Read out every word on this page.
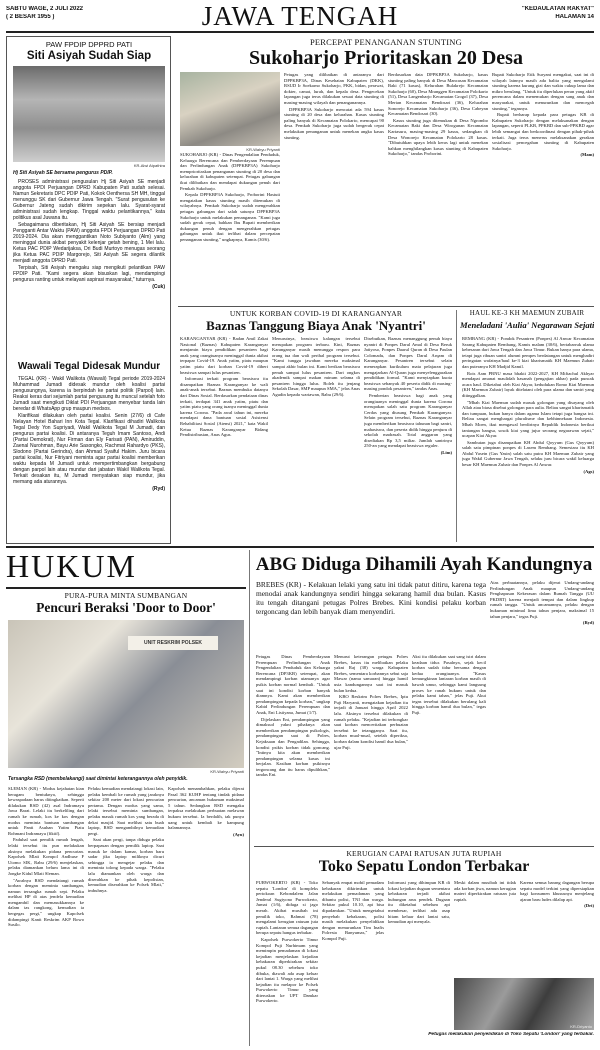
SABTU WAGE, 2 JULI 2022
( 2 BESAR 1955 )	JAWA TENGAH	"KEDAULATAN RAKYAT"
HALAMAN 14
PAW FPDIP DPPRD PATI
Siti Asiyah Sudah Siap
KR-Alwi Atpathira
Hj Siti Asiyah SE bersama pengurus PDIP.

PROSES administrasi pengusulan Hj Siti Asiyah SE menjadi anggota FPDI Perjuangan DPRD Kabupaten Pati sudah selesai. Namun Sekretaris DPC PDIP Pati, Kokok Oenthersa SH MH, tinggal menunggu SK dari Gubernur Jawa Tengah. "Surat pengusulan ke Gubernur Jateng sudah dikirim sepekan lalu. Syarat-syarat administrasi sudah lengkap. Tinggal waktu pelantikannya," kata politikus asal Juwana itu.

Sebagaimana diberitakan, Hj Siti Asiyah SE bersiap menjadi Pengganti Antar Waktu (PAW) anggota FPDI Perjuangan DPRD Pati 2019-2024. Dia akan menggantikan Noto Subiyanto (Alm) yang meninggal dunia akibat penyakit kelenjar getah bening, 1 Mei lalu. Ketua PAC PDIP Wedarijaksa, Dri Budi Murtoyo menugas seorang jika Ketua PAC PDIP Margorejo, Siti Asiyah SE segera dilantik menjadi anggota DPRD Pati.

Terpisah, Siti Asiyah mengaku siap mengikuti pelantikan PAW FPDIP Pati. "Kami segera akan bisuskan lagi, mendampingi pengurus ranting untuk melayani aspirasi masyarakat," tuturnya.

(Cuk)
Wawali Tegal Didesak Mundur

TEGAL (KR) - Wakil Walikota (Wawali) Tegal periode 2019-2024 Muhammad Jumadi didesak mundur oleh koalisi partai pengusungnya, karena ia berpindah ke partai politik (Parpol) lain. Reaksi keras dari sejumlah partai pengusung itu muncul setelah foto Jumadi saat mengikuti Diklat PDI Perjuangan menyebar tanda lain beredar di WhatsApp grup maupun medsos.

Klarifikasi dilakukan oleh partai koalisi. Senin (27/6) di Cafe Nelayan Hotel Bahari Inn Kota Tegal. Klarifikasi dihadiri Walikota Tegal Dedy Yon Supriyadi, Wakil Walikota Tegal M Jumadi, dan pengurus partai koalisi. Di antaranya Teguh Imam Santoso, Andi (Partai Demokrat), Nur Firman dan Ely Farisati (PAN), Amiruddin, Zaenal Nurohman, Bayu Arie Sasongko, Rachmat Rahardyo (PKS), Slodono (Partai Gerindra), dan Ahmad Syaiful Hakim. Juru bicara partai koalisi, Nur Fitriyani meminta agar partai koalisi memberikan waktu kepada M Jumadi untuk mempertimbangkan bergabung dengan parpol lain atau mundur dari jabatan Wakil Walikota Tegal. Terkait desakan itu, M Jumadi menyatakan siap mundur, jika memang ada aturannya.

(Ryd)
PERCEPAT PENANGANAN STUNTING
Sukoharjo Prioritaskan 20 Desa
KR-Wahyu Priyanti

SUKOHARJO (KR) - Dinas Pengendalian Penduduk, Keluarga Berencana dan Pemberdayaan Perempuan dan Perlindungan Anak (DPPKBP3A) Sukoharjo memprioritaskan penanganan stunting di 20 desa dan kelurahan di kabupaten setempat. Petugas gabungan ikut dilibatkan dan mendapat dukungan penuh dari Pemkab Sukoharjo.

Kepala DPPKBP3A Sukoharjo, Proborini Hastuti mengatakan kasus stunting masih ditemukan di wilayahnya. Pemkab Sukoharjo sudah mengerahkan petugas gabungan dari salah satunya DPPKBP3A Sukoharjo untuk melakukan penanganan. "Kami juga sudah gerak cepat, bahkan Ibu Bupati memberikan dukungan penuh dengan mengerahkan petugas gabungan untuk ikut terlibat dalam percepatan penanganan stunting," ungkapnya, Kamis (30/6).

Petugas yang dilibatkan di antaranya dari DPPKBP3A, Dinas Kesehatan Kabupaten (DKK), RSUD Ir Soekarno Sukoharjo, PKK, bidan, perawat, dokter, camat, lurah, dan kepala desa. Pengecekan lapangan juga terus dilakukan sesuai data stunting di masing-masing wilayah dan penanganannya.

DPPKBP3A Sukoharjo mencatat ada 594 kasus stunting di 20 desa dan kelurahan. Kasus stunting paling banyak di Kecamatan Polokarto, mencapai 90 desa. Pemkab Sukoharjo juga sudah bergerak cepat melakukan penanganan untuk menekan angka kasus stunting.

Berdasarkan data DPPKBP3A Sukoharjo, kasus stunting paling banyak di Desa Mancasan Kecamatan Baki (71 kasus), Kelurahan Bulakrejo Kecamatan Sukoharjo (60), Desa Mranggen Kecamatan Polokarto (51), Desa Langenharjo Kecamatan Grogol (37), Desa Mertan Kecamatan Bendosari (36), Kelurahan Sonorejo Kecamatan Sukoharjo (36), Desa Cabeyan Kecamatan Bendosari (30).

Kasus stunting juga ditemukan di Desa Ngrombo Kecamatan Baki dan Desa Wirogunan Kecamatan Kartasura, masing-masing 29 kasus, sedangkan di Desa Wonorejo Kecamatan Polokarto 28 kasus. "Dibutuhkan upaya lebih keras lagi untuk menekan bahkan menghilangkan kasus stunting di Kabupaten Sukoharjo," tandas Proborini.

Bupati Sukoharjo Etik Suryani mengakui, saat ini di wilayah lainnya masih ada balita yang mengalami stunting karena kurang gizi dan waktu cukup lama dan mikro berulang. "Untuk itu diperlukan peran yang aktif perencana dalam menemukan dengan sang anak dan masyarakat, untuk menurunkan dan mencegah stunting," tegasnya.

Bupati berharap kepada para petugas KB di Kabupaten Sukoharjo dengan melaksanakan dengan lapangan, seperti PLKB, PPKBD dan sub-PPKBD agar lebih semangat dan berkoordinasi dengan pihak-pihak terkait. Juga terus menerus melaksanakan gerakan sosialisasi pencegahan stunting di Kabupaten Sukoharjo.

(Mam)
UNTUK KORBAN COVID-19 DI KARANGANYAR
Baznas Tanggung Biaya Anak 'Nyantri'

KARANGANYAR (KR) - Badan Amil Zakat Nasional (Baznas) Kabupaten Karanganyar menjamin biaya pendidikan pesantren bagi anak yang orangtuanya meninggal dunia akibat terpapar Covid-19. Anak yatim, piatu maupun yatim piatu dari korban Covid-19 diberi beasiswa sampai lulus pesantren.

Informasi terkait program beasiswa itu disampaikan Baznas Karanganyar ke wali anak-anak tersebut. Baznas membuka datanya dari Dinas Sosial. Berdasarkan pendataan dinas terkait, terdapat 341 anak yatim, piatu dan yatim piatu yang orang tuanya meninggal dunia karena Corona. "Pada awal tahun ini, mereka mendapat dana bantuan sosial Asistensi Rehabilitasi Sosial (Atensi) 2021," kata Wakil Ketua Baznas Karanganyar Bidang Pendistribusian, Anas Agus.

Menurutnya, beasiswa kalangan tersebut merupakan program terbaru. Kini, Baznas Karanganyar masih menunggu respon para orang tua dan wali perihal program tersebut. "Kami tunggu jawaban mereka maksimal sampai akhir bulan ini. Kami berikan beasiswa penuh sampai lulus pesantren. Dari ongkos akademik sampai makan minum selama di pesantren hingga lulus. Boleh itu jenjang Sekolah Dasar, SMP maupun SMA," jelas Anas Agudin kepada wartawan, Rabu (29/6).

Disebutkan, Baznas menanggung penuh biaya nyantri di Ponpes Darul Amal di Desa Beruk Jatiyoso, Ponpes Daarul Quran di Desa Paulan Colomadu, dan Ponpes Darul Arqam di Karanganyar. Pesantren tersebut selain menerapkan kurikulum mata pelajaran juga mengajarkan Al-Quran juga menyelenggarakan pendidikan formal. "Kami menyiapkan kuota beasiswa sebanyak 40 peserta didik di masing-masing pondok pesantren," tandas Anas.

Pemberian beasiswa bagi anak yang orangtuanya meninggal dunia karena Corona merupakan salah satu program Karanganyar Cerdas yang diusung Pemkab Karanganyar. Selain program tersebut, Baznas Karanganyar juga memberikan beasiswa tahunan bagi santri, mahasiswa, dan peserta didik hingga penjuru di sekolah madrasah. Total anggaran yang disediakan Rp 3,5 miliar. Jumlah santrinya 250-an yang mendapat beasiswa reguler.

(Lim)
HAUL KE-3 KH MAEMUN ZUBAIR
Meneladani 'Aulia' Negarawan Sejati

REMBANG (KR) - Pondok Pesantren (Ponpes) Al Anwar Kecamatan Sarang Kabupaten Rembang, Kamis malam (30/6), bertabarruk ulama kebesaran dari Jawa Tengah dan Jawa Timur. Bukan hanya para ulama, tetapi juga ribuan santri alumni pempes berdatangan untuk menghadiri peringatan wafatnya/haul ke-3 kiai kharismatik KH Maemun Zubair dan puteranya KH Madjid Kamil.

Rois Aam PBNU masa bhakti 2022-2027, KH Miftachul Akhyar mendapat amanat maulidah hasanah (pengajian akbar) pada puncak acara haul. Diketahui oleh Kiai Akyar, kedudukan Romo Kiai Maemun (KH Maemun Zubair) layak ditelatani oleh para ulama dan santri yang ditinggalkan.

"Mbah Kiai Maemun sudah masuk golongan yang disayang oleh Allah atau biasa disebut golongan para aulia. Beliau sangat kharismatik dan tumpuan, bukan hanya dalam agama Islam tetapi juga bangsa ini. Beliau sangat menghargai pluralisme dan kebhinnekaan Indonesia. Mbah Moen, ikut mengawal berdirinya Republik Indonesia berikut tantangan bangsa, sosok kiai yang jujur seorang negarawan sejati," ucapan Kiai Akyar.

Sambutan juga disampaikan KH Abdul Qoyyum (Gus Qoyyum) salah satu pimpinan ponpes di Lasem Rembang. Semestara itu KH Abdul Yasein (Gus Yasin) salah satu putra KH Maemun Zubair yang juga Wakil Gubernur Jawa Tengah, selaku juru bicara wakil keluarga besar KH Maemun Zubair dan Ponpes Al Anwar.

(Ags)
HUKUM
PURA-PURA MINTA SUMBANGAN
Pencuri Beraksi 'Door to Door'
UNIT RESKRIM POLSEK
KR-Wahyu Priyanti
Tersangka RSD (membelakangi) saat dimintai keterangannya oleh penyidik.

SLEMAN (KR) - Modus kejahatan kian beragam bentuknya, sehingga kewaspadaan harus ditingkatkan. Seperti dilakukan RSD (42) asal Indramayu Jawa Barat. Lelaki itu berkeliling dari rumah ke rumah, kos ke kos dengan modus meminta bantuan sumbangan untuk Panti Asuhan Yatim Piatu Rohmani Indramayu (fiktif).

Paduhal saat pemilik rumah lengah, lelaki tersebut itu pun melakukan aksinya melakukan pidana pencurian. Kapolsek Mlati Kompol Andhuse F Utomo SIK, Rabu (29/6) menjelaskan, pelaku diamankan belum lama ini di Jongke Kidul Mlati Sleman.

"Awalnya RSD mendatangi rumah korban dengan meminta sumbangan, namun tersangka rumah sepi. Pelaku melihat HP di atas jendela kemudian mengambil dan memasukkannya ke dalam tas rangkong, kemudian ia bergegas pergi," ungkap Kapolsek didampingi Kanit Reskrim AKP Bowo Susilo.

Pelaku kemudian mendatangi lokasi lain, pelaku kembali ke rumah yang jaraknya sekitar 200 meter dari lokasi pencurian pertama. Dengan modus yang sama, lelaki tersebut meminta sumbangan, pelaku masuk rumah kos yang berada di dekat masjid. Saat melihat satu buah laptop, RSD mengambilnya kemudian pergi.

Saat akan pergi, tanpa diduga pelaku berpapasan dengan pemilik laptop. Saat masuk ke dalam kamar, korban baru sadar jika laptop miliknya dicuri sehingga ia mengejar pelaku dan meminta tolong kepada warga. "Pelaku lalu diamankan oleh warga dan diserahkan ke pihak kepolisian, kemudian diserahkan ke Polsek Mlati," imbuhnya.

Kapolsek menambahkan, pelaku dijerat Pasal 362 KUHP tentang tindak pidana pencurian, ancaman hukuman maksimal 5 tahun. Sedangkan RSD mengaku terpaksa melakukan perbuatan melawan hukum tersebut. Ia berdalih, tak punya uang untuk kembali ke kampung halamannya.

(Ayu)
ABG Diduga Dihamili Ayah Kandungnya
BREBES (KR) - Kelakuan lelaki yang satu ini tidak patut ditiru, karena tega menodai anak kandungnya sendiri hingga sekarang hamil dua bulan. Kasus itu tengah ditangani petugas Polres Brebes. Kini kondisi pelaku korban tergoncang dan lebih banyak diam menyendiri.

Petugas Dinas Pemberdayaan Perempuan Perlindungan Anak Pengendalian Penduduk dan Keluarga Berencana (DP3KB) setempat, akan mendampingi korban utamanya agar psikis korban normal kembali. "Untuk saat ini kondisi korban banyak diamnya. Kami akan memberikan pendampingan kepada korban," ungkap Kabid Perlindungan Perempuan dan Anak, Eni Listiyana, Jumat (1/7).

Dijelaskan Eni, pendampingan yang dimaksud yakni pihaknya akan memberikan pendampingan psikologis, pendampingan saat di Polres, Kejaksaan dan Pengadilan. Sehingga, kondisi psikis korban tidak goncang. "Intinya kita akan memberikan pendampingan selama kasus ini berjalan. Kasihan korban psikisnya tergoncang dan itu harus dipulihkan," tandas Eni.

Menurut keterangan petugas Polres Brebes, kasus itu melibatkan pelaku yakni Raj (38) warga Kabupaten Brebes, sementara korbannya sebut saja Mawar (nama samaran) hingga hamil usia kandungannya saat ini masuk bulan kedua.

KBO Reskrim Polres Brebes, Iptu Puji Haryanti, mengatakan kejadian itu terjadi di Januari hingga April 2022 lalu. Aksinya tersebut dilakukan di rumah pelaku. "Kejadian ini terbongkar saat korban menceritakan perbuatan tersebut ke tetangganya. Saat itu, korban mual-mual, setelah diperiksa, korban dalam kondisi hamil dua bulan," ujar Puji.

Aksi itu dilakukan saat sang istri dalam keadaan tidur. Pasalnya, sejak kecil korban sudah tidur bersama dengan kedua orangtuanya. "Kasus kemungkinan lantaran korban masih di bawah umur, sehingga kami langsung proses ke ranah hukum untuk dan pelaku kami tahan," jelas Puji. Akui tegas tersebut dilakukan berulang kali hingga korban hamil dua bulan," tegas Puji.

Atas perbuatannya, pelaku dijerat Undang-undang Perlindungan Anak maupun Undang-undang Penghapusan Kekerasan dalam Rumah Tangga (UU PKDRT) karena menjadi tempat dan dalam lingkup rumah tangga. "Untuk ancamannya, pelaku dengan hukuman minimal lima tahun penjara, maksimal 15 tahun penjara," tegas Puji.

(Ryd)
KERUGIAN CAPAI RATUSAN JUTA RUPIAH
Toko Sepatu London Terbakar

PURWOKERTO (KR) - Toko sepatu 'London' di kompleks pertokoan Kebondalem Jalan Jenderal Sugiyono Purwokerto, Jumat (1/6), diduga si jago merah. Akibat musibah ini pemilik toko, Rahmat (78) mengalami kerugian ratusan juta rupiah. Lantaran semua dagangan berupa sepatu hangus terbakar.

Kapolsek Purwokerto Timur Kompol Puji Nurhimam yang memimpin pemadaman di lokasi kejadian menjelaskan kejadian kebakaran diperkirakan sekitar pukul 08.30 sebelum toko dibuka, diawali ada asap keluar dari lantai 1. Warga yang melihat kejadian itu melapor ke Polsek Purwokerto Timur yang diteruskan ke UPT Damkar Purwokerto.

Sebanyak empat mobil pemadam kebakaran dikirimkan untuk melakukan pemadaman yang dibantu polisi, TNI dan warga. Sekitar pukul 10.10, api bisa dipadamkan. "Untuk mengetahui penyebab kebakaran, polisi masih melakukan penyelidikan dengan menurunkan Tim Inafis Polresta Banyumas," jelas Kompol Puji.

Informasi yang dihimpun KR di lokasi kejadian dugaan sementara kebakaran terjadi akibat hubungan arus pendek. Dugaan itu diketahui sebelum api membesar, terlihat ada asap hitam keluar dari lantai satu, kemudian api menyala.

Meski dalam musibah ini tidak ada korban jiwa, namun kerugian materi diperkirakan ratusan juta rupiah.

Karena semua barang dagangan berupa sepatu model terkini yang dipersiapkan bagi konsumen khususnya menjelang ajaran baru ludes dilalap api.

(Dri)
KR-Driyanto
Petugas melakukan penyelidikan di Toko Sepatu 'London' yang terbakar.
